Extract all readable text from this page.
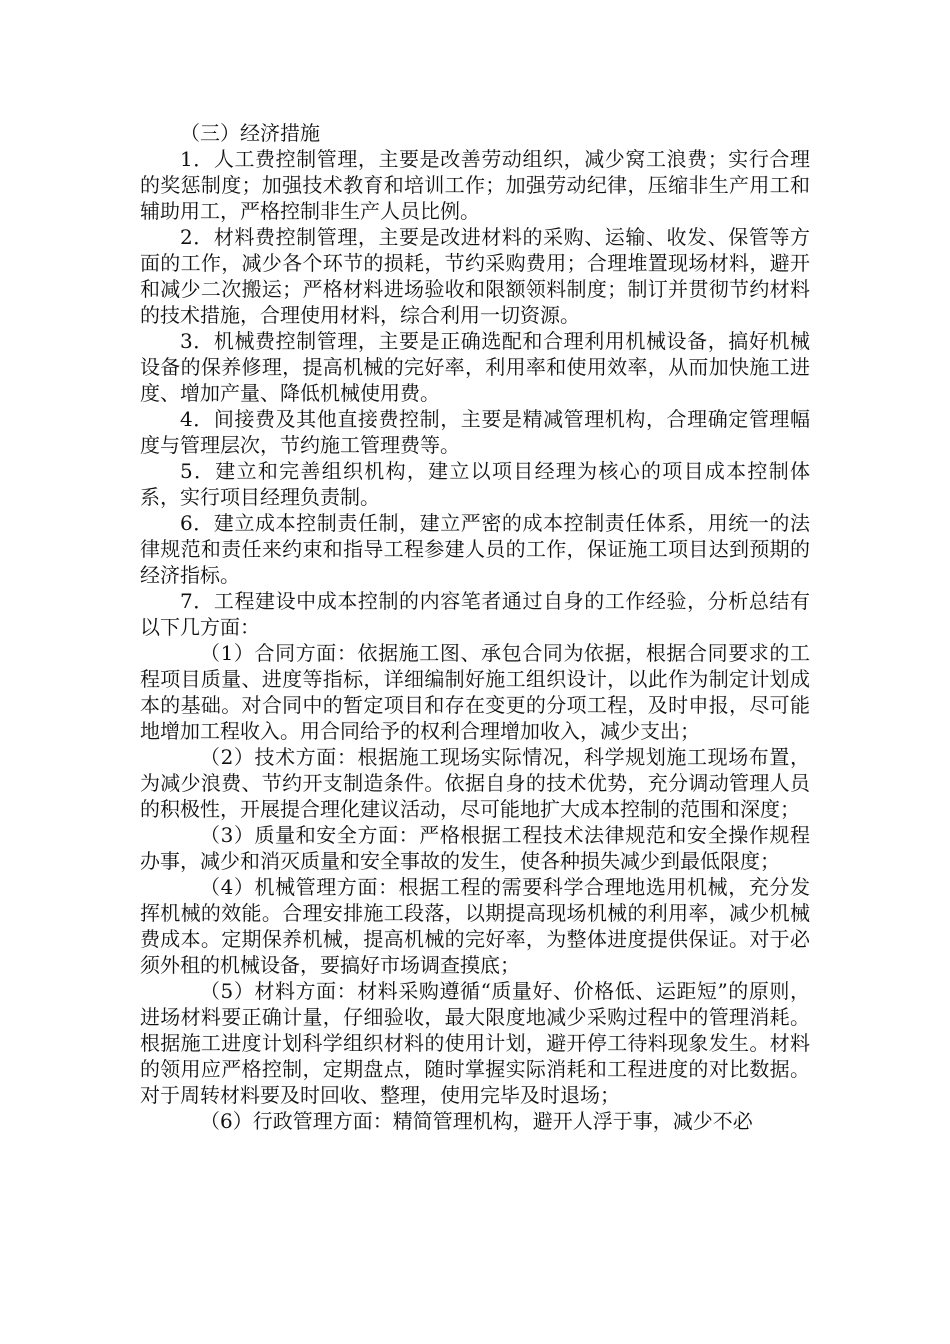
（三）经济措施

1．人工费控制管理，主要是改善劳动组织，减少窝工浪费；实行合理的奖惩制度；加强技术教育和培训工作；加强劳动纪律，压缩非生产用工和辅助用工，严格控制非生产人员比例。

2．材料费控制管理，主要是改进材料的采购、运输、收发、保管等方面的工作，减少各个环节的损耗，节约采购费用；合理堆置现场材料，避开和减少二次搬运；严格材料进场验收和限额领料制度；制订并贯彻节约材料的技术措施，合理使用材料，综合利用一切资源。

3．机械费控制管理，主要是正确选配和合理利用机械设备，搞好机械设备的保养修理，提高机械的完好率，利用率和使用效率，从而加快施工进度、增加产量、降低机械使用费。

4．间接费及其他直接费控制，主要是精减管理机构，合理确定管理幅度与管理层次，节约施工管理费等。

5．建立和完善组织机构，建立以项目经理为核心的项目成本控制体系，实行项目经理负责制。

6．建立成本控制责任制，建立严密的成本控制责任体系，用统一的法律规范和责任来约束和指导工程参建人员的工作，保证施工项目达到预期的经济指标。

7．工程建设中成本控制的内容笔者通过自身的工作经验，分析总结有以下几方面：

（1）合同方面：依据施工图、承包合同为依据，根据合同要求的工程项目质量、进度等指标，详细编制好施工组织设计，以此作为制定计划成本的基础。对合同中的暂定项目和存在变更的分项工程，及时申报，尽可能地增加工程收入。用合同给予的权利合理增加收入，减少支出；

（2）技术方面：根据施工现场实际情况，科学规划施工现场布置，为减少浪费、节约开支制造条件。依据自身的技术优势，充分调动管理人员的积极性，开展提合理化建议活动，尽可能地扩大成本控制的范围和深度；

（3）质量和安全方面：严格根据工程技术法律规范和安全操作规程办事，减少和消灭质量和安全事故的发生，使各种损失减少到最低限度；

（4）机械管理方面：根据工程的需要科学合理地选用机械，充分发挥机械的效能。合理安排施工段落，以期提高现场机械的利用率，减少机械费成本。定期保养机械，提高机械的完好率，为整体进度提供保证。对于必须外租的机械设备，要搞好市场调查摸底；

（5）材料方面：材料采购遵循“质量好、价格低、运距短”的原则，进场材料要正确计量，仔细验收，最大限度地减少采购过程中的管理消耗。根据施工进度计划科学组织材料的使用计划，避开停工待料现象发生。材料的领用应严格控制，定期盘点，随时掌握实际消耗和工程进度的对比数据。对于周转材料要及时回收、整理，使用完毕及时退场；

（6）行政管理方面：精简管理机构，避开人浮于事，减少不必
